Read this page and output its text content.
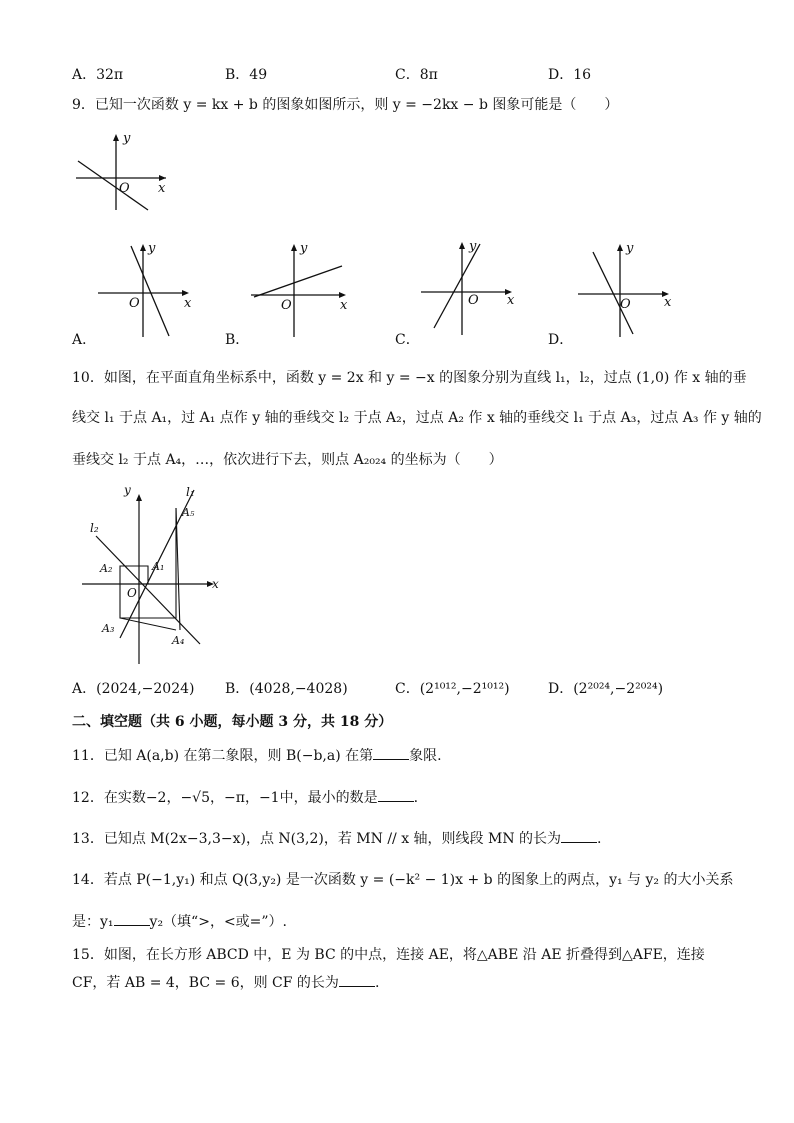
A．32π	B．49	C．8π	D．16
9．已知一次函数 y = kx + b 的图象如图所示，则 y = −2kx − b 图象可能是（　　）
y
x
O
y
x
O
y
x
O
y
x
O
y
x
O
A．	B．	C．	D．
10．如图，在平面直角坐标系中，函数 y = 2x 和 y = −x 的图象分别为直线 l₁，l₂，过点 (1,0) 作 x 轴的垂
线交 l₁ 于点 A₁，过 A₁ 点作 y 轴的垂线交 l₂ 于点 A₂，过点 A₂ 作 x 轴的垂线交 l₁ 于点 A₃，过点 A₃ 作 y 轴的
垂线交 l₂ 于点 A₄，…，依次进行下去，则点 A₂₀₂₄ 的坐标为（　　）
y
x
O
l₁
l₂
A₁
A₂
A₃
A₄
A₅
A．(2024,−2024) B．(4028,−4028)	C．(2¹⁰¹²,−2¹⁰¹²)	D．(2²⁰²⁴,−2²⁰²⁴)
二、填空题（共 6 小题，每小题 3 分，共 18 分）
11．已知 A(a,b) 在第二象限，则 B(−b,a) 在第	象限.
12．在实数−2，−√5，−π，−1中，最小的数是	.
13．已知点 M(2x−3,3−x)，点 N(3,2)，若 MN // x 轴，则线段 MN 的长为	.
14．若点 P(−1,y₁) 和点 Q(3,y₂) 是一次函数 y = (−k² − 1)x + b 的图象上的两点，y₁ 与 y₂ 的大小关系
是：y₁	y₂（填“>，<或=”）.
15．如图，在长方形 ABCD 中，E 为 BC 的中点，连接 AE，将△ABE 沿 AE 折叠得到△AFE，连接
CF，若 AB = 4，BC = 6，则 CF 的长为	.
